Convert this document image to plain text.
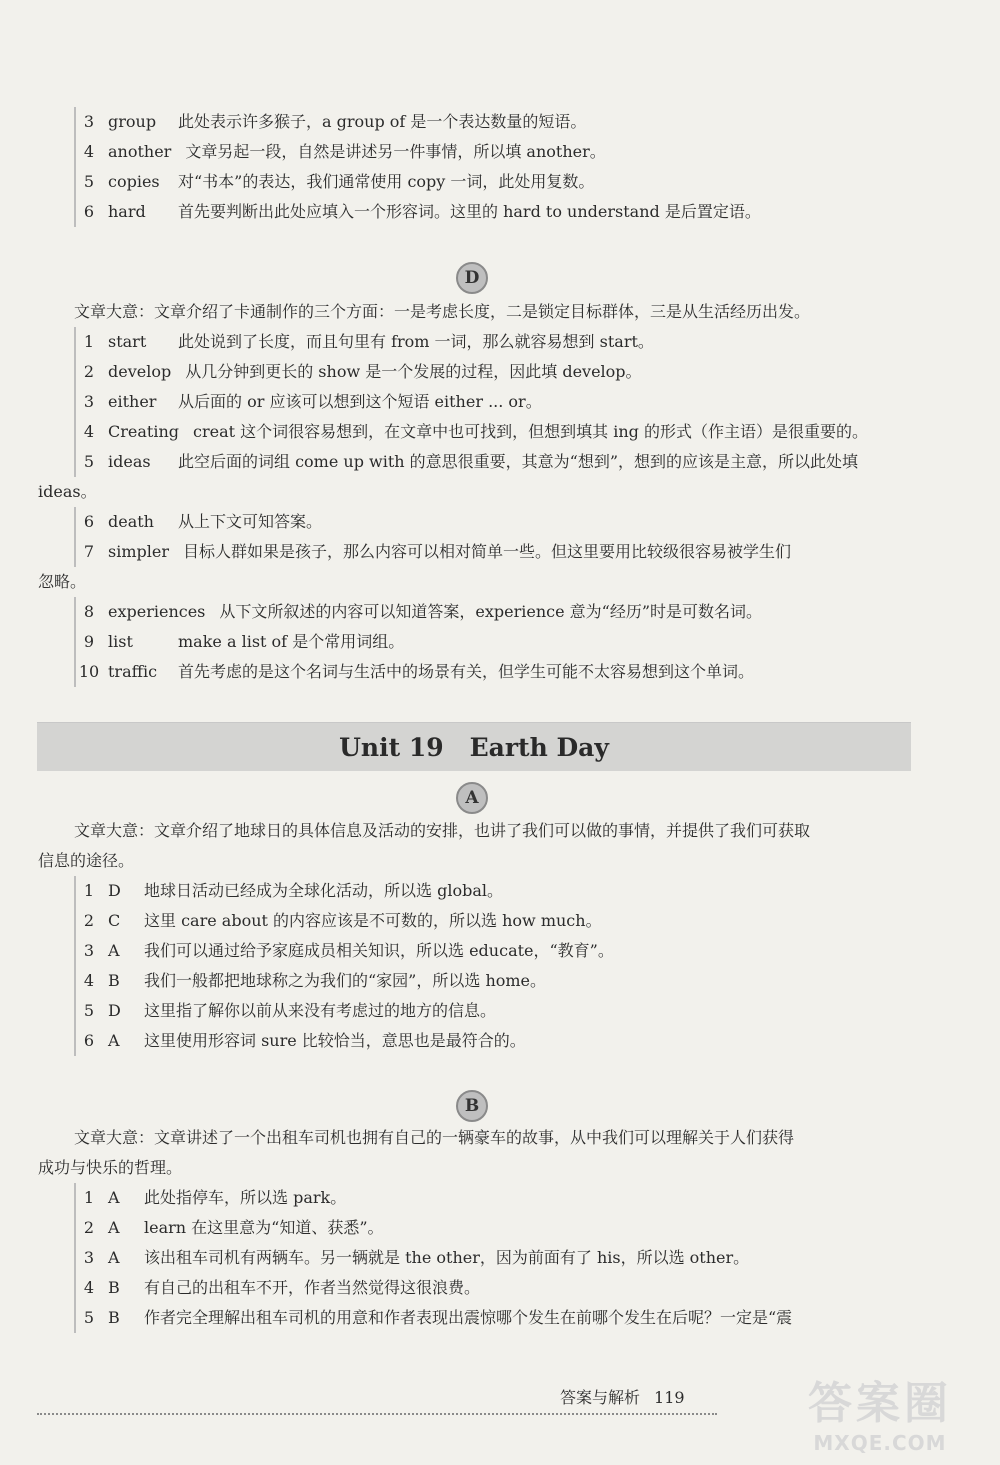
3 group 此处表示许多猴子，a group of 是一个表达数量的短语。
4 another 文章另起一段，自然是讲述另一件事情，所以填 another。
5 copies 对“书本”的表达，我们通常使用 copy 一词，此处用复数。
6 hard 首先要判断出此处应填入一个形容词。这里的 hard to understand 是后置定语。
D
文章大意：文章介绍了卡通制作的三个方面：一是考虑长度，二是锁定目标群体，三是从生活经历出发。
1 start 此处说到了长度，而且句里有 from 一词，那么就容易想到 start。
2 develop 从几分钟到更长的 show 是一个发展的过程，因此填 develop。
3 either 从后面的 or 应该可以想到这个短语 either ... or。
4 Creating creat 这个词很容易想到，在文章中也可找到，但想到填其 ing 的形式（作主语）是很重要的。
5 ideas 此空后面的词组 come up with 的意思很重要，其意为“想到”，想到的应该是主意，所以此处填
ideas。
6 death 从上下文可知答案。
7 simpler 目标人群如果是孩子，那么内容可以相对简单一些。但这里要用比较级很容易被学生们
忽略。
8 experiences 从下文所叙述的内容可以知道答案，experience 意为“经历”时是可数名词。
9 list	make a list of 是个常用词组。
10 traffic 首先考虑的是这个名词与生活中的场景有关，但学生可能不太容易想到这个单词。
Unit 19 Earth Day
A
文章大意：文章介绍了地球日的具体信息及活动的安排，也讲了我们可以做的事情，并提供了我们可获取
信息的途径。
1 D 地球日活动已经成为全球化活动，所以选 global。
2 C 这里 care about 的内容应该是不可数的，所以选 how much。
3 A 我们可以通过给予家庭成员相关知识，所以选 educate，“教育”。
4 B 我们一般都把地球称之为我们的“家园”，所以选 home。
5 D 这里指了解你以前从来没有考虑过的地方的信息。
6 A 这里使用形容词 sure 比较恰当，意思也是最符合的。
B
文章大意：文章讲述了一个出租车司机也拥有自己的一辆豪车的故事，从中我们可以理解关于人们获得
成功与快乐的哲理。
1 A 此处指停车，所以选 park。
2 A learn 在这里意为“知道、获悉”。
3 A 该出租车司机有两辆车。另一辆就是 the other，因为前面有了 his，所以选 other。
4 B 有自己的出租车不开，作者当然觉得这很浪费。
5 B 作者完全理解出租车司机的用意和作者表现出震惊哪个发生在前哪个发生在后呢？一定是“震
答案与解析 119	答案圈
MXQE.COM
